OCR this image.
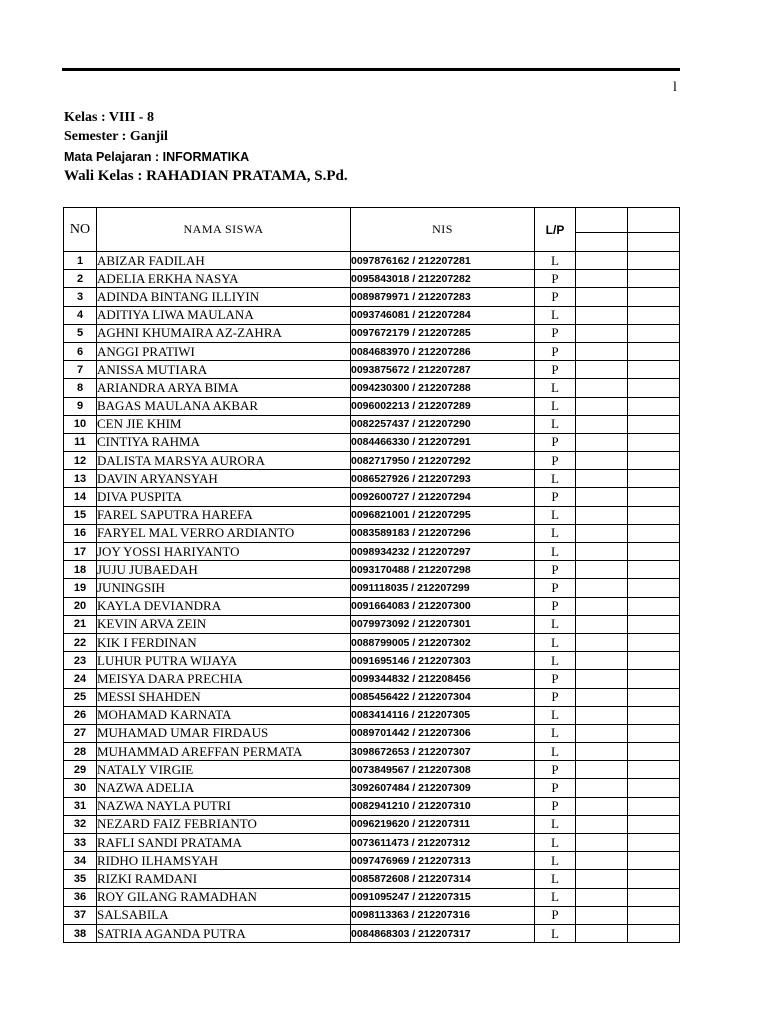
l
Kelas : VIII - 8
Semester : Ganjil
Mata Pelajaran : INFORMATIKA
Wali Kelas : RAHADIAN PRATAMA, S.Pd.
NO	NAMA SISWA	NIS	L/P	

1	ABIZAR FADILAH	0097876162 / 212207281	L		
2	ADELIA ERKHA NASYA	0095843018 / 212207282	P		
3	ADINDA BINTANG ILLIYIN	0089879971 / 212207283	P		
4	ADITIYA LIWA MAULANA	0093746081 / 212207284	L		
5	AGHNI KHUMAIRA AZ-ZAHRA	0097672179 / 212207285	P		
6	ANGGI PRATIWI	0084683970 / 212207286	P		
7	ANISSA MUTIARA	0093875672 / 212207287	P		
8	ARIANDRA ARYA BIMA	0094230300 / 212207288	L		
9	BAGAS MAULANA AKBAR	0096002213 / 212207289	L		
10	CEN JIE KHIM	0082257437 / 212207290	L		
11	CINTIYA RAHMA	0084466330 / 212207291	P		
12	DALISTA MARSYA AURORA	0082717950 / 212207292	P		
13	DAVIN ARYANSYAH	0086527926 / 212207293	L		
14	DIVA PUSPITA	0092600727 / 212207294	P		
15	FAREL SAPUTRA HAREFA	0096821001 / 212207295	L		
16	FARYEL MAL VERRO ARDIANTO	0083589183 / 212207296	L		
17	JOY YOSSI HARIYANTO	0098934232 / 212207297	L		
18	JUJU JUBAEDAH	0093170488 / 212207298	P		
19	JUNINGSIH	0091118035 / 212207299	P		
20	KAYLA DEVIANDRA	0091664083 / 212207300	P		
21	KEVIN ARVA ZEIN	0079973092 / 212207301	L		
22	KIK I FERDINAN	0088799005 / 212207302	L		
23	LUHUR PUTRA WIJAYA	0091695146 / 212207303	L		
24	MEISYA DARA PRECHIA	0099344832 / 212208456	P		
25	MESSI SHAHDEN	0085456422 / 212207304	P		
26	MOHAMAD KARNATA	0083414116 / 212207305	L		
27	MUHAMAD UMAR FIRDAUS	0089701442 / 212207306	L		
28	MUHAMMAD AREFFAN PERMATA	3098672653 / 212207307	L		
29	NATALY VIRGIE	0073849567 / 212207308	P		
30	NAZWA ADELIA	3092607484 / 212207309	P		
31	NAZWA NAYLA PUTRI	0082941210 / 212207310	P		
32	NEZARD FAIZ FEBRIANTO	0096219620 / 212207311	L		
33	RAFLI SANDI PRATAMA	0073611473 / 212207312	L		
34	RIDHO ILHAMSYAH	0097476969 / 212207313	L		
35	RIZKI RAMDANI	0085872608 / 212207314	L		
36	ROY GILANG RAMADHAN	0091095247 / 212207315	L		
37	SALSABILA	0098113363 / 212207316	P		
38	SATRIA AGANDA PUTRA	0084868303 / 212207317	L		
